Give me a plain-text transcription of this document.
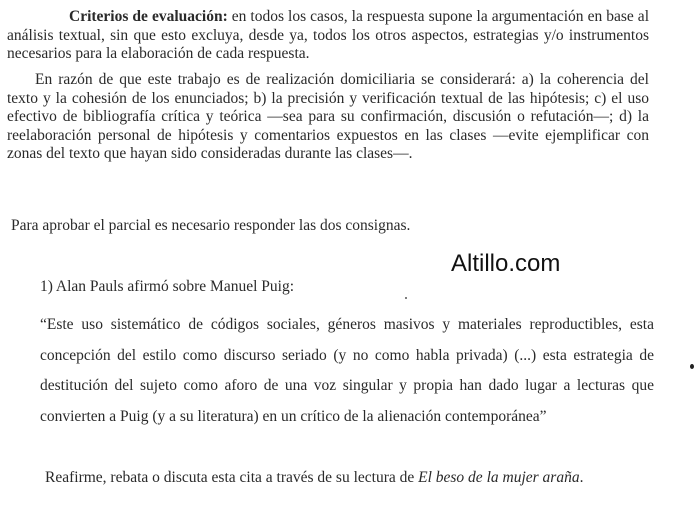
Criterios de evaluación: en todos los casos, la respuesta supone la argumentación en base al análisis textual, sin que esto excluya, desde ya, todos los otros aspectos, estrategias y/o instrumentos necesarios para la elaboración de cada respuesta.

En razón de que este trabajo es de realización domiciliaria se considerará: a) la coherencia del texto y la cohesión de los enunciados; b) la precisión y verificación textual de las hipótesis; c) el uso efectivo de bibliografía crítica y teórica —sea para su confirmación, discusión o refutación—; d) la reelaboración personal de hipótesis y comentarios expuestos en las clases —evite ejemplificar con zonas del texto que hayan sido consideradas durante las clases—.

Para aprobar el parcial es necesario responder las dos consignas.

Altillo.com

1) Alan Pauls afirmó sobre Manuel Puig:

“Este uso sistemático de códigos sociales, géneros masivos y materiales reproductibles, esta concepción del estilo como discurso seriado (y no como habla privada) (...) esta estrategia de destitución del sujeto como aforo de una voz singular y propia han dado lugar a lecturas que convierten a Puig (y a su literatura) en un crítico de la alienación contemporánea”

Reafirme, rebata o discuta esta cita a través de su lectura de El beso de la mujer araña.
